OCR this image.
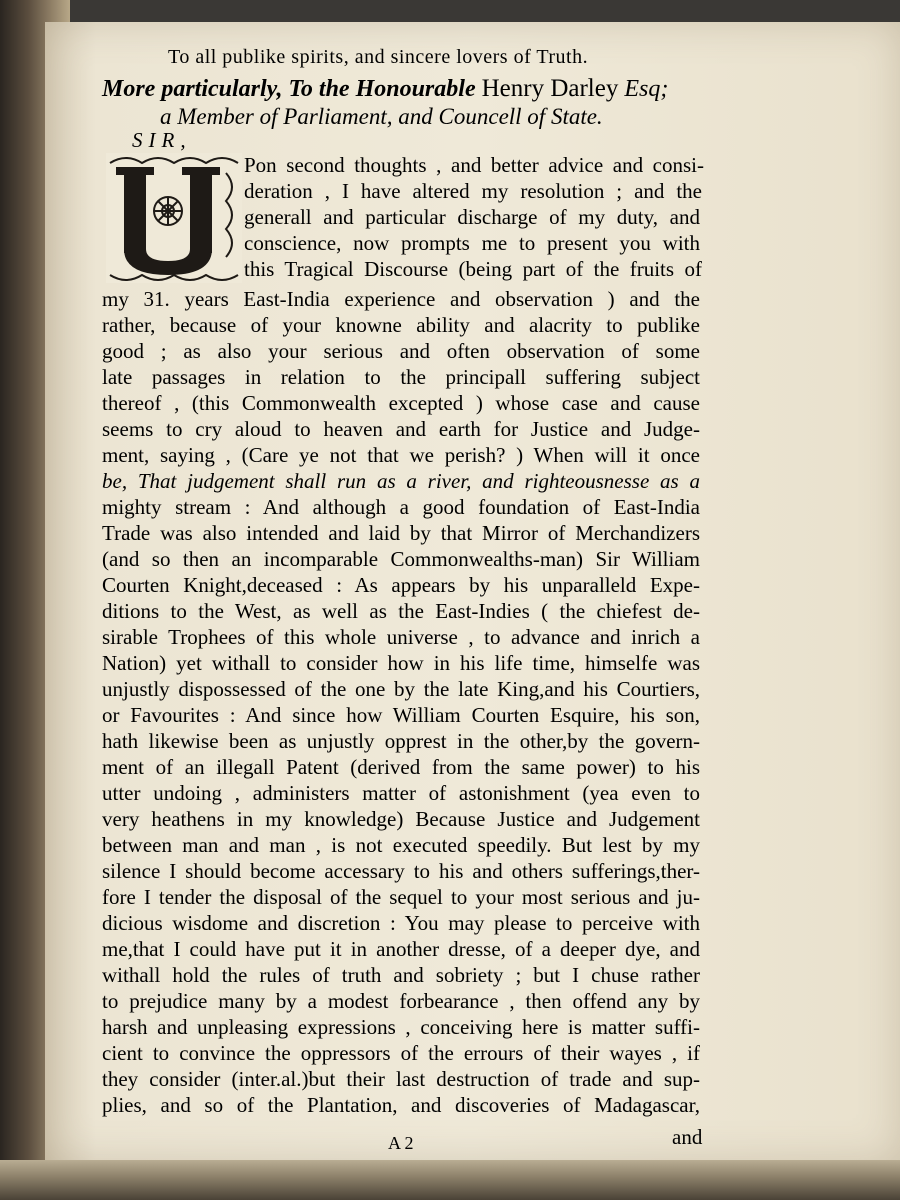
To all publike spirits, and sincere lovers of Truth.
More particularly, To the Honourable Henry Darley Esq;
a Member of Parliament, and Councell of State.
SIR,
U
Pon second thoughts , and better advice and consi-
deration , I have altered my resolution ; and the
generall and particular discharge of my duty, and
conscience, now prompts me to present you with
this Tragical Discourse (being part of the fruits of
my 31. years East-India experience and observation ) and the
rather, because of your knowne ability and alacrity to publike
good ; as also your serious and often observation of some
late passages in relation to the principall suffering subject
thereof , (this Commonwealth excepted ) whose case and cause
seems to cry aloud to heaven and earth for Justice and Judge-
ment, saying , (Care ye not that we perish? ) When will it once
be, That judgement shall run as a river, and righteousnesse as a
mighty stream : And although a good foundation of East-India
Trade was also intended and laid by that Mirror of Merchandizers
(and so then an incomparable Commonwealths-man) Sir William
Courten Knight,deceased : As appears by his unparalleld Expe-
ditions to the West, as well as the East-Indies ( the chiefest de-
sirable Trophees of this whole universe , to advance and inrich a
Nation) yet withall to consider how in his life time, himselfe was
unjustly dispossessed of the one by the late King,and his Courtiers,
or Favourites : And since how William Courten Esquire, his son,
hath likewise been as unjustly opprest in the other,by the govern-
ment of an illegall Patent (derived from the same power) to his
utter undoing , administers matter of astonishment (yea even to
very heathens in my knowledge) Because Justice and Judgement
between man and man , is not executed speedily. But lest by my
silence I should become accessary to his and others sufferings,ther-
fore I tender the disposal of the sequel to your most serious and ju-
dicious wisdome and discretion : You may please to perceive with
me,that I could have put it in another dresse, of a deeper dye, and
withall hold the rules of truth and sobriety ; but I chuse rather
to prejudice many by a modest forbearance , then offend any by
harsh and unpleasing expressions , conceiving here is matter suffi-
cient to convince the oppressors of the errours of their wayes , if
they consider (inter.al.)but their last destruction of trade and sup-
plies, and so of the Plantation, and discoveries of Madagascar,
A 2	and
